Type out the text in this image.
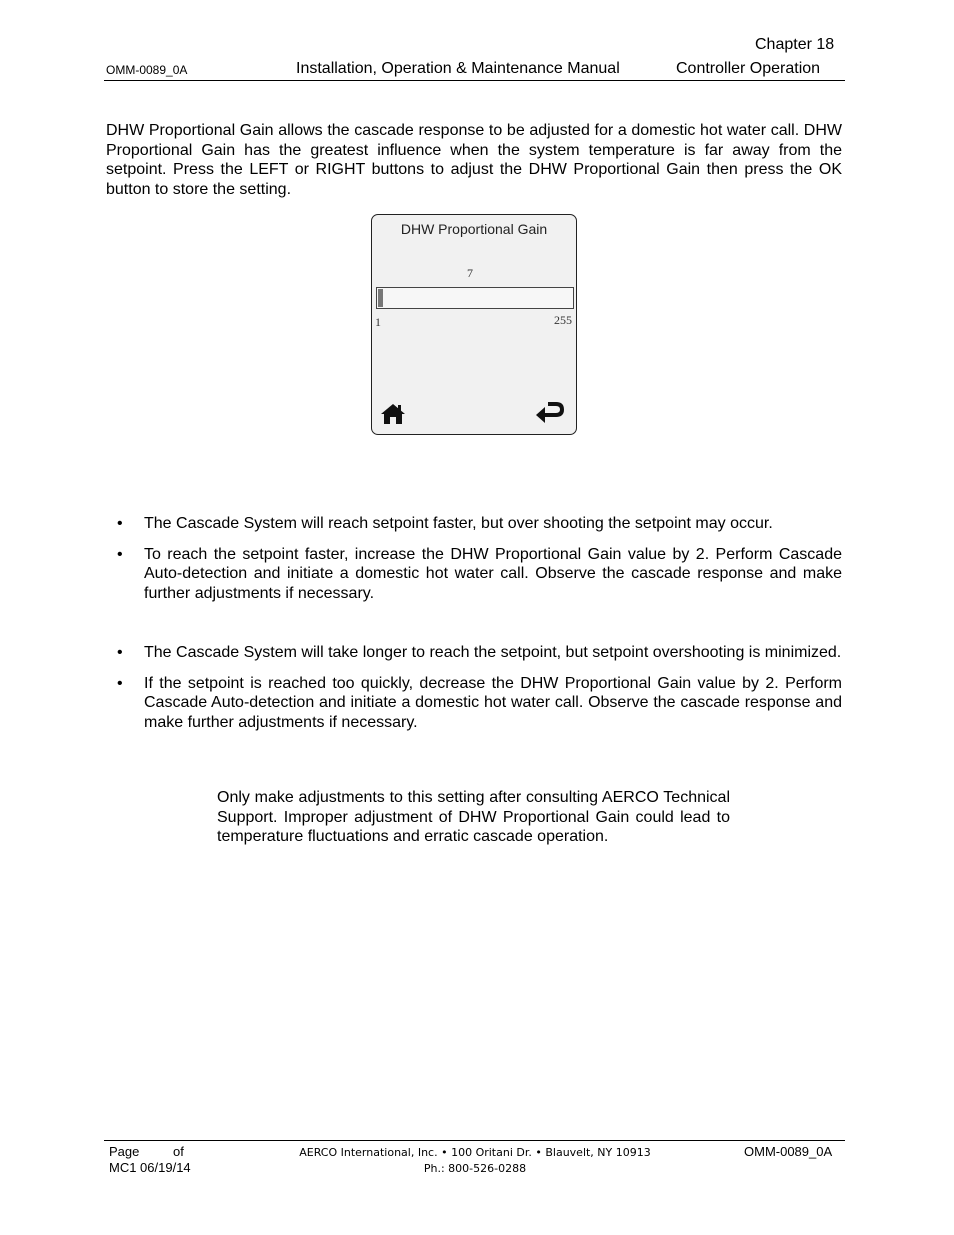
Chapter 18
OMM-0089_0A	Installation, Operation & Maintenance Manual	Controller Operation
DHW Proportional Gain allows the cascade response to be adjusted for a domestic hot water call. DHW Proportional Gain has the greatest influence when the system temperature is far away from the setpoint. Press the LEFT or RIGHT buttons to adjust the DHW Proportional Gain then press the OK button to store the setting.
DHW Proportional Gain
7
1	255
• The Cascade System will reach setpoint faster, but over shooting the setpoint may occur.
• To reach the setpoint faster, increase the DHW Proportional Gain value by 2. Perform Cascade Auto-detection and initiate a domestic hot water call. Observe the cascade response and make further adjustments if necessary.
• The Cascade System will take longer to reach the setpoint, but setpoint overshooting is minimized.
• If the setpoint is reached too quickly, decrease the DHW Proportional Gain value by 2. Perform Cascade Auto-detection and initiate a domestic hot water call. Observe the cascade response and make further adjustments if necessary.
Only make adjustments to this setting after consulting AERCO Technical Support. Improper adjustment of DHW Proportional Gain could lead to temperature fluctuations and erratic cascade operation.
Page	of
MC1 06/19/14
AERCO International, Inc. • 100 Oritani Dr. • Blauvelt, NY 10913
Ph.: 800-526-0288
OMM-0089_0A
